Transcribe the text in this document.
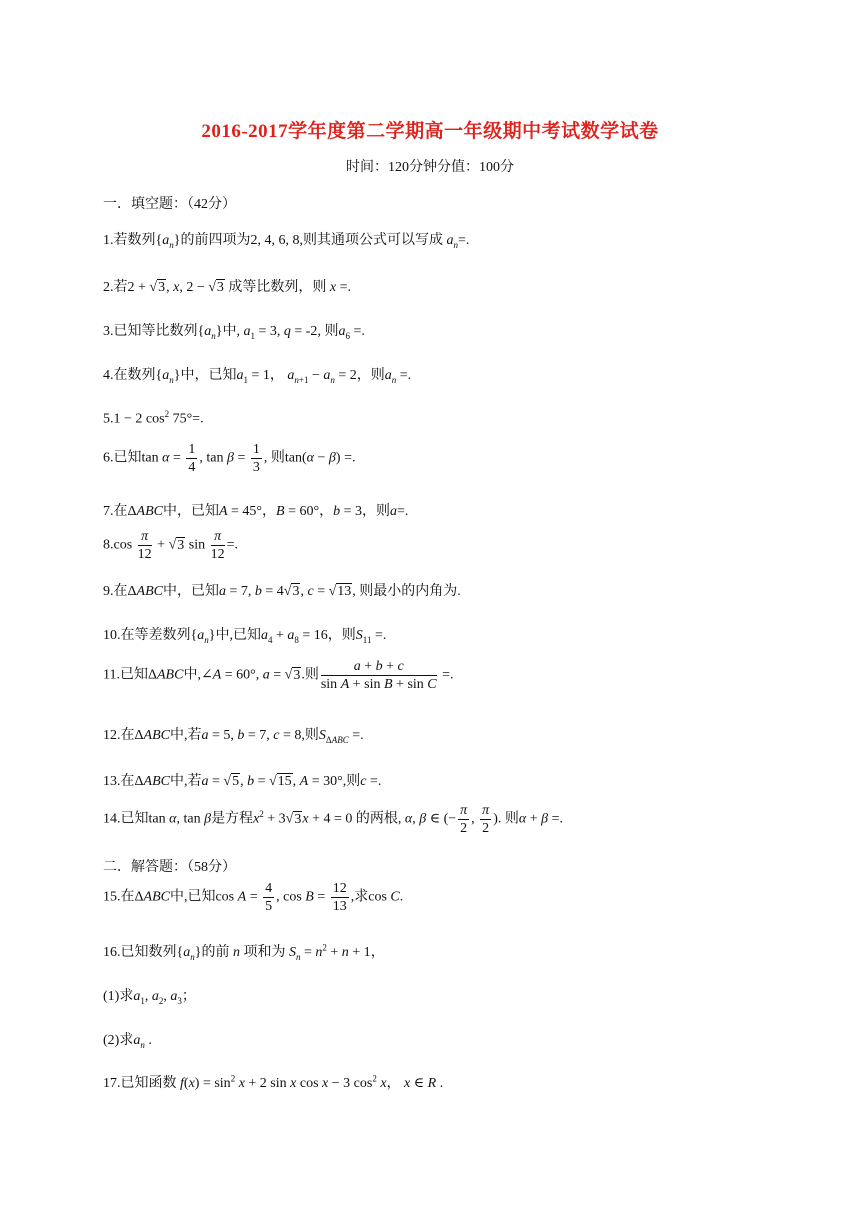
2016-2017学年度第二学期高一年级期中考试数学试卷
时间：120分钟分值：100分
一．填空题：（42分）
1.若数列$\{a_n\}$的前四项为2, 4, 6, 8,则其通项公式可以写成 $a_n=$.
2.若2 + √3, x, 2 − √3 成等比数列，则 x =.
3.已知等比数列$\{a_n\}$中, $a_1 = 3$, q = -2, 则$a_6$ =.
4.在数列$\{a_n\}$中，已知$a_1 = 1$， $a_{n+1} - a_n = 2$，则$a_n$ =.
5.1 − 2 $\cos^2 75^\circ=$.
6.已知$\tan \alpha = \frac{1}{4}$ , $\tan \beta = \frac{1}{3}$ , 则tan(α − β) =.
7.在ΔABC中，已知A = 45°，B = 60°，b = 3，则a=.
$8.\cos \frac{\pi}{12} + √3$ $\sin \frac{\pi}{12}$ =.
9.在ΔABC中，已知a = 7, b = 4√3, c = √13, 则最小的内角为.
10.在等差数列$\{a_n\}$中,已知$a_4 + a_8 = 16$，则$S_{11}$ =.
11.已知ΔABC中,∠A = 60°, a = √3.则 $\frac{a + b + c}{\text{sin A + sin B + sin C}}$ =.
12.在ΔABC中,若a = 5, b = 7, c = 8,则$S_{\Delta ABC}$ =.
13.在ΔABC中,若a = √5, b = √15, A = 30°,则c =.
14.已知tan α, tan β是方程$x^2 + 3√3x + 4 = 0$ 的两根, α, β ∈ (− $\frac{\pi}{2}$ , $\frac{\pi}{2}$ ). 则α + β =.
二．解答题：（58分）
15.在ΔABC中,已知$\cos A = \frac{4}{5}$ , $\cos B = \frac{12}{13}$ ,求cos C.
16.已知数列$\{a_n\}$的前 n 项和为 $S_n = n^2 + n + 1$，
(1)求$a_1$, $a_2$, $a_3$；
(2)求$a_n$ .
17.已知函数 $f(x) = \sin^2 x + 2$ sin x cos x − 3 $\cos^2 x$， x ∈ R .
